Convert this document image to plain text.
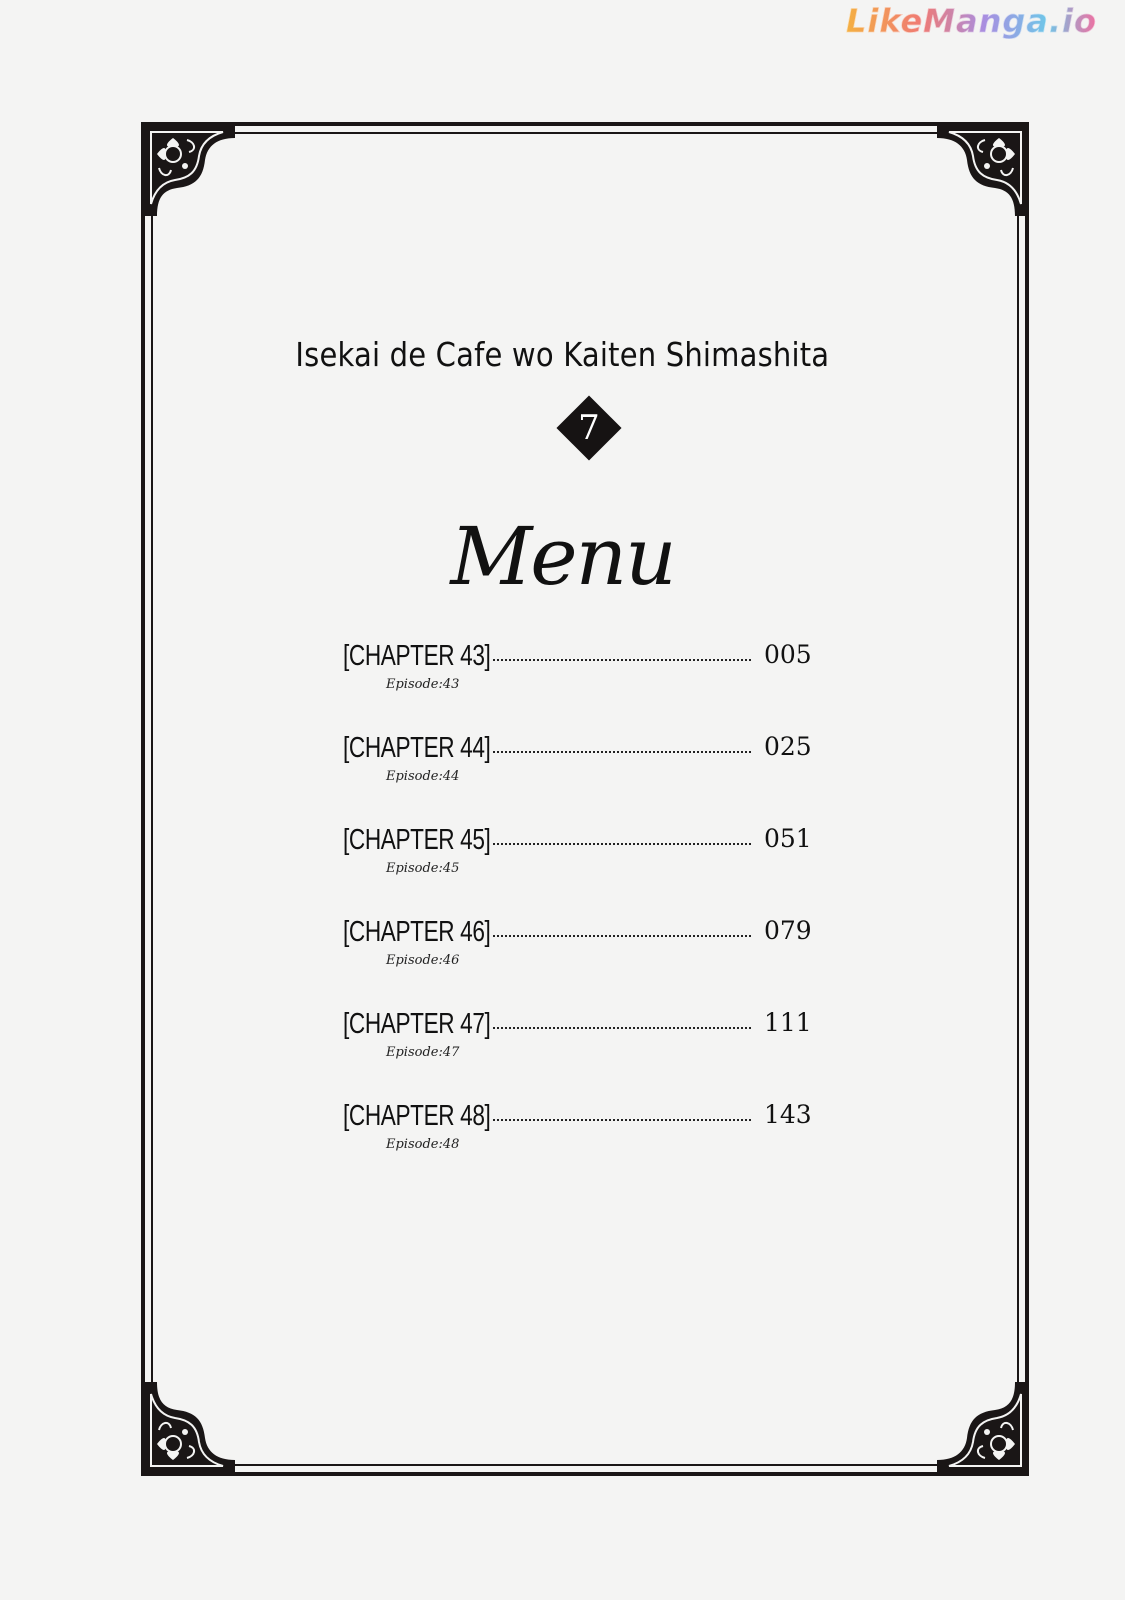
LikeManga.io
Isekai de Cafe wo Kaiten Shimashita
7
Menu
[CHAPTER 43]	005
Episode:43
[CHAPTER 44]	025
Episode:44
[CHAPTER 45]	051
Episode:45
[CHAPTER 46]	079
Episode:46
[CHAPTER 47]	111
Episode:47
[CHAPTER 48]	143
Episode:48
